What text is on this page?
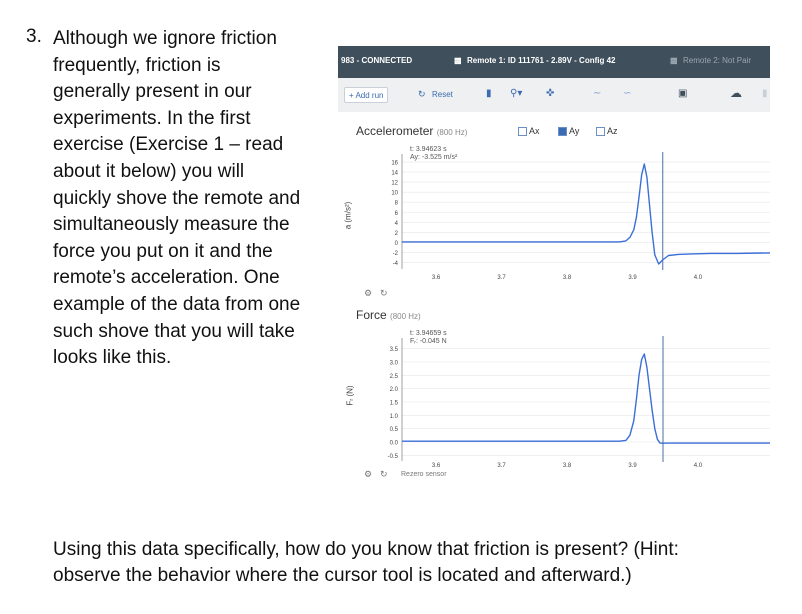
3. Although we ignore friction
frequently, friction is
generally present in our
experiments. In the first
exercise (Exercise 1 – read
about it below) you will
quickly shove the remote and
simultaneously measure the
force you put on it and the
remote’s acceleration. One
example of the data from one
such shove that you will take
looks like this.
983 - CONNECTED	▩ Remote 1: ID 111761 - 2.89V - Config 42	▩ Remote 2: Not Pair
+ Add run	↻ Reset	▮ ⚲▾ ✜	∼ ∽	▣	☁ ▮
Accelerometer (800 Hz)	Ax	Ay	Az
a (m/s²)
16
14
12
10
8
6
4
2
0
-2
-4
3.6	3.7	3.8	3.9	4.0
3.5
3.0
2.5
2.0
1.5
1.0
0.5
0.0
-0.5
3.6	3.7	3.8	3.9	4.0
t: 3.94623 s
Ay: -3.525 m/s²
⚙ ↻
Force (800 Hz)
Fᵣ (N)
t: 3.94659 s
Fᵣ: -0.045 N
⚙ ↻ Rezero sensor
Using this data specifically, how do you know that friction is present? (Hint:
observe the behavior where the cursor tool is located and afterward.)
